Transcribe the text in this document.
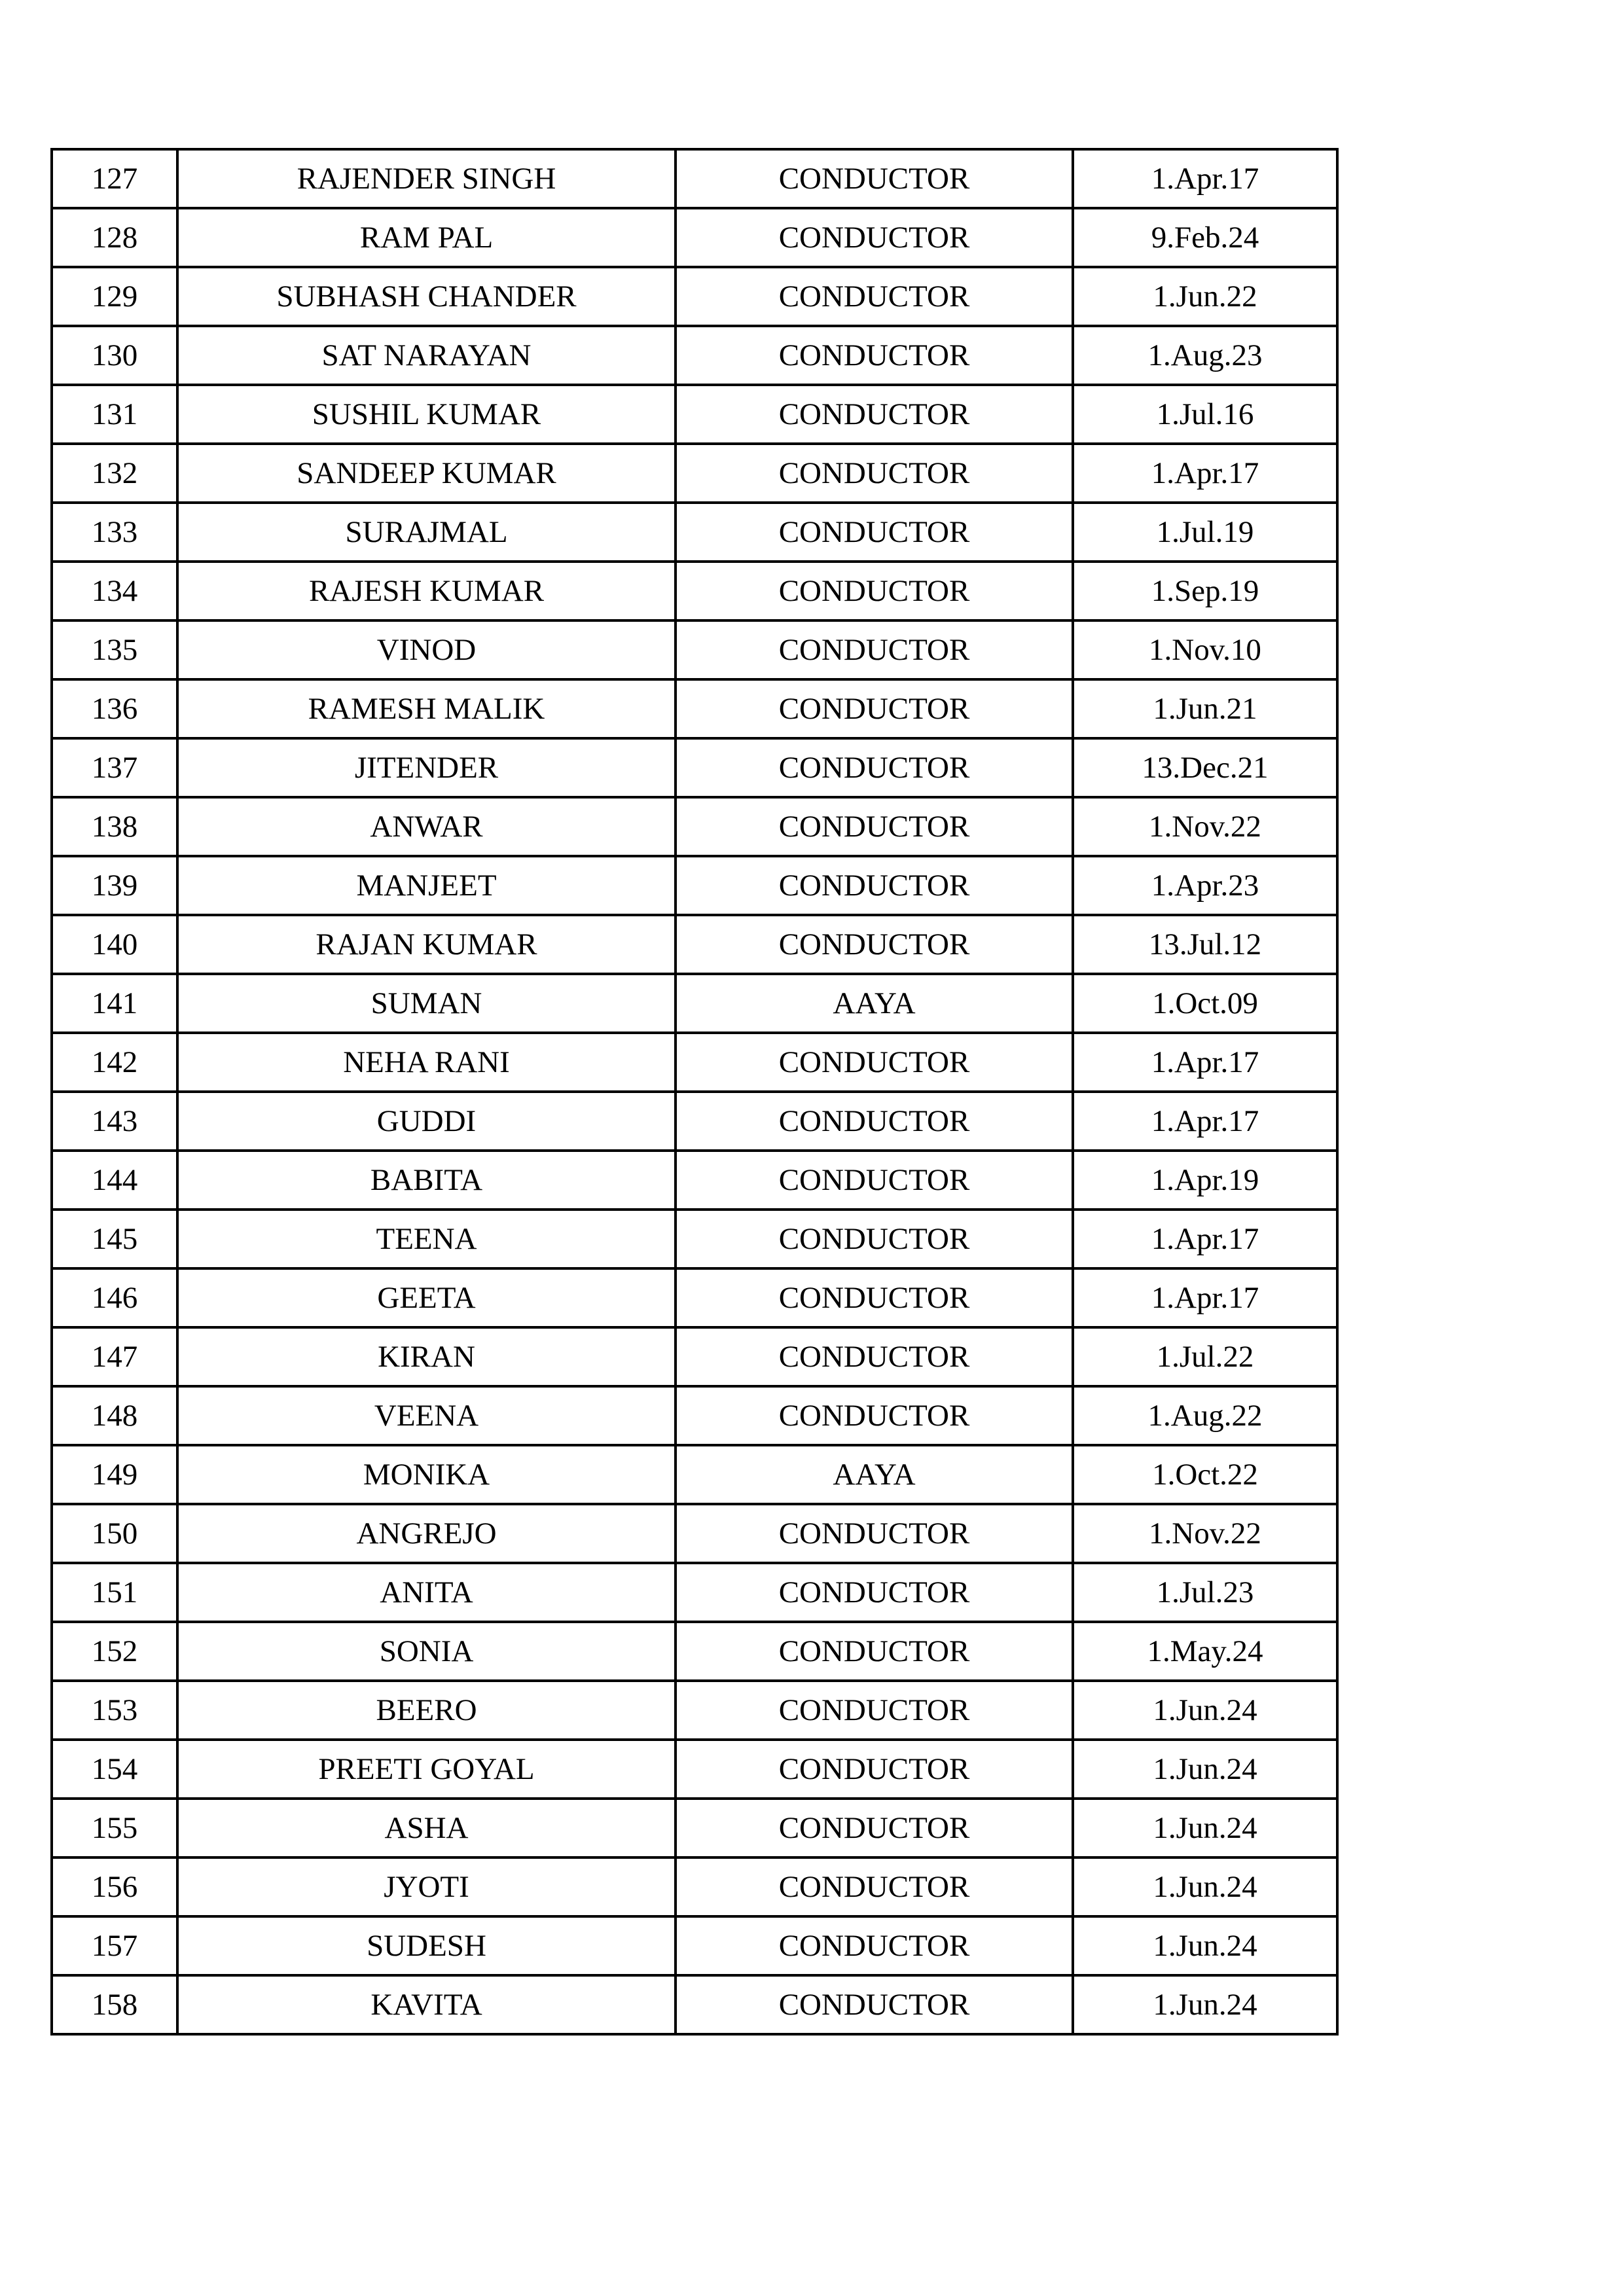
127	RAJENDER SINGH	CONDUCTOR	1.Apr.17
128	RAM PAL	CONDUCTOR	9.Feb.24
129	SUBHASH CHANDER	CONDUCTOR	1.Jun.22
130	SAT NARAYAN	CONDUCTOR	1.Aug.23
131	SUSHIL KUMAR	CONDUCTOR	1.Jul.16
132	SANDEEP KUMAR	CONDUCTOR	1.Apr.17
133	SURAJMAL	CONDUCTOR	1.Jul.19
134	RAJESH KUMAR	CONDUCTOR	1.Sep.19
135	VINOD	CONDUCTOR	1.Nov.10
136	RAMESH MALIK	CONDUCTOR	1.Jun.21
137	JITENDER	CONDUCTOR	13.Dec.21
138	ANWAR	CONDUCTOR	1.Nov.22
139	MANJEET	CONDUCTOR	1.Apr.23
140	RAJAN KUMAR	CONDUCTOR	13.Jul.12
141	SUMAN	AAYA	1.Oct.09
142	NEHA RANI	CONDUCTOR	1.Apr.17
143	GUDDI	CONDUCTOR	1.Apr.17
144	BABITA	CONDUCTOR	1.Apr.19
145	TEENA	CONDUCTOR	1.Apr.17
146	GEETA	CONDUCTOR	1.Apr.17
147	KIRAN	CONDUCTOR	1.Jul.22
148	VEENA	CONDUCTOR	1.Aug.22
149	MONIKA	AAYA	1.Oct.22
150	ANGREJO	CONDUCTOR	1.Nov.22
151	ANITA	CONDUCTOR	1.Jul.23
152	SONIA	CONDUCTOR	1.May.24
153	BEERO	CONDUCTOR	1.Jun.24
154	PREETI GOYAL	CONDUCTOR	1.Jun.24
155	ASHA	CONDUCTOR	1.Jun.24
156	JYOTI	CONDUCTOR	1.Jun.24
157	SUDESH	CONDUCTOR	1.Jun.24
158	KAVITA	CONDUCTOR	1.Jun.24
